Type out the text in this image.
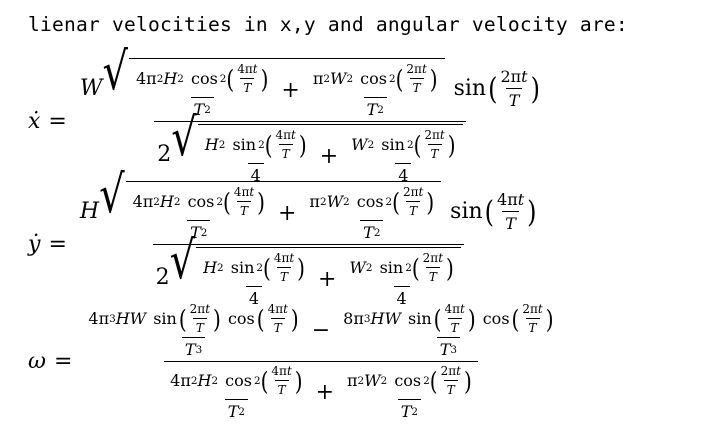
lienar velocities in x,y and angular velocity are:
ẋ =
W √ 4π 2 H 2
cos 2 ( $\frac{\text{4π t}}{T}$ )
T 2 + π 2 W 2
cos 2 ( $\frac{\text{2π t}}{T}$ )
T 2
sin ( $\frac{\text{2π t}}{T}$ )
2 √ H 2
sin 2 ( $\frac{\text{4π t}}{T}$ )
4 + W 2
sin 2 ( $\frac{\text{2π t}}{T}$ )
4
ẏ =
H √ 4π 2 H 2
cos 2 ( $\frac{\text{4π t}}{T}$ )
T 2 + π 2 W 2
cos 2 ( $\frac{\text{2π t}}{T}$ )
T 2
sin ( $\frac{\text{4π t}}{T}$ )
2 √ H 2
sin 2 ( $\frac{\text{4π t}}{T}$ )
4 + W 2
sin 2 ( $\frac{\text{2π t}}{T}$ )
4
ω =
4π 3 HW
sin ( $\frac{\text{2π t}}{T}$ )
cos ( $\frac{\text{4π t}}{T}$ )
T 3 − 8π 3 HW
sin ( $\frac{\text{4π t}}{T}$ )
cos ( $\frac{\text{2π t}}{T}$ )
T 3
4π 2 H 2
cos 2 ( $\frac{\text{4π t}}{T}$ )
T 2 + π 2 W 2
cos 2 ( $\frac{\text{2π t}}{T}$ )
T 2
